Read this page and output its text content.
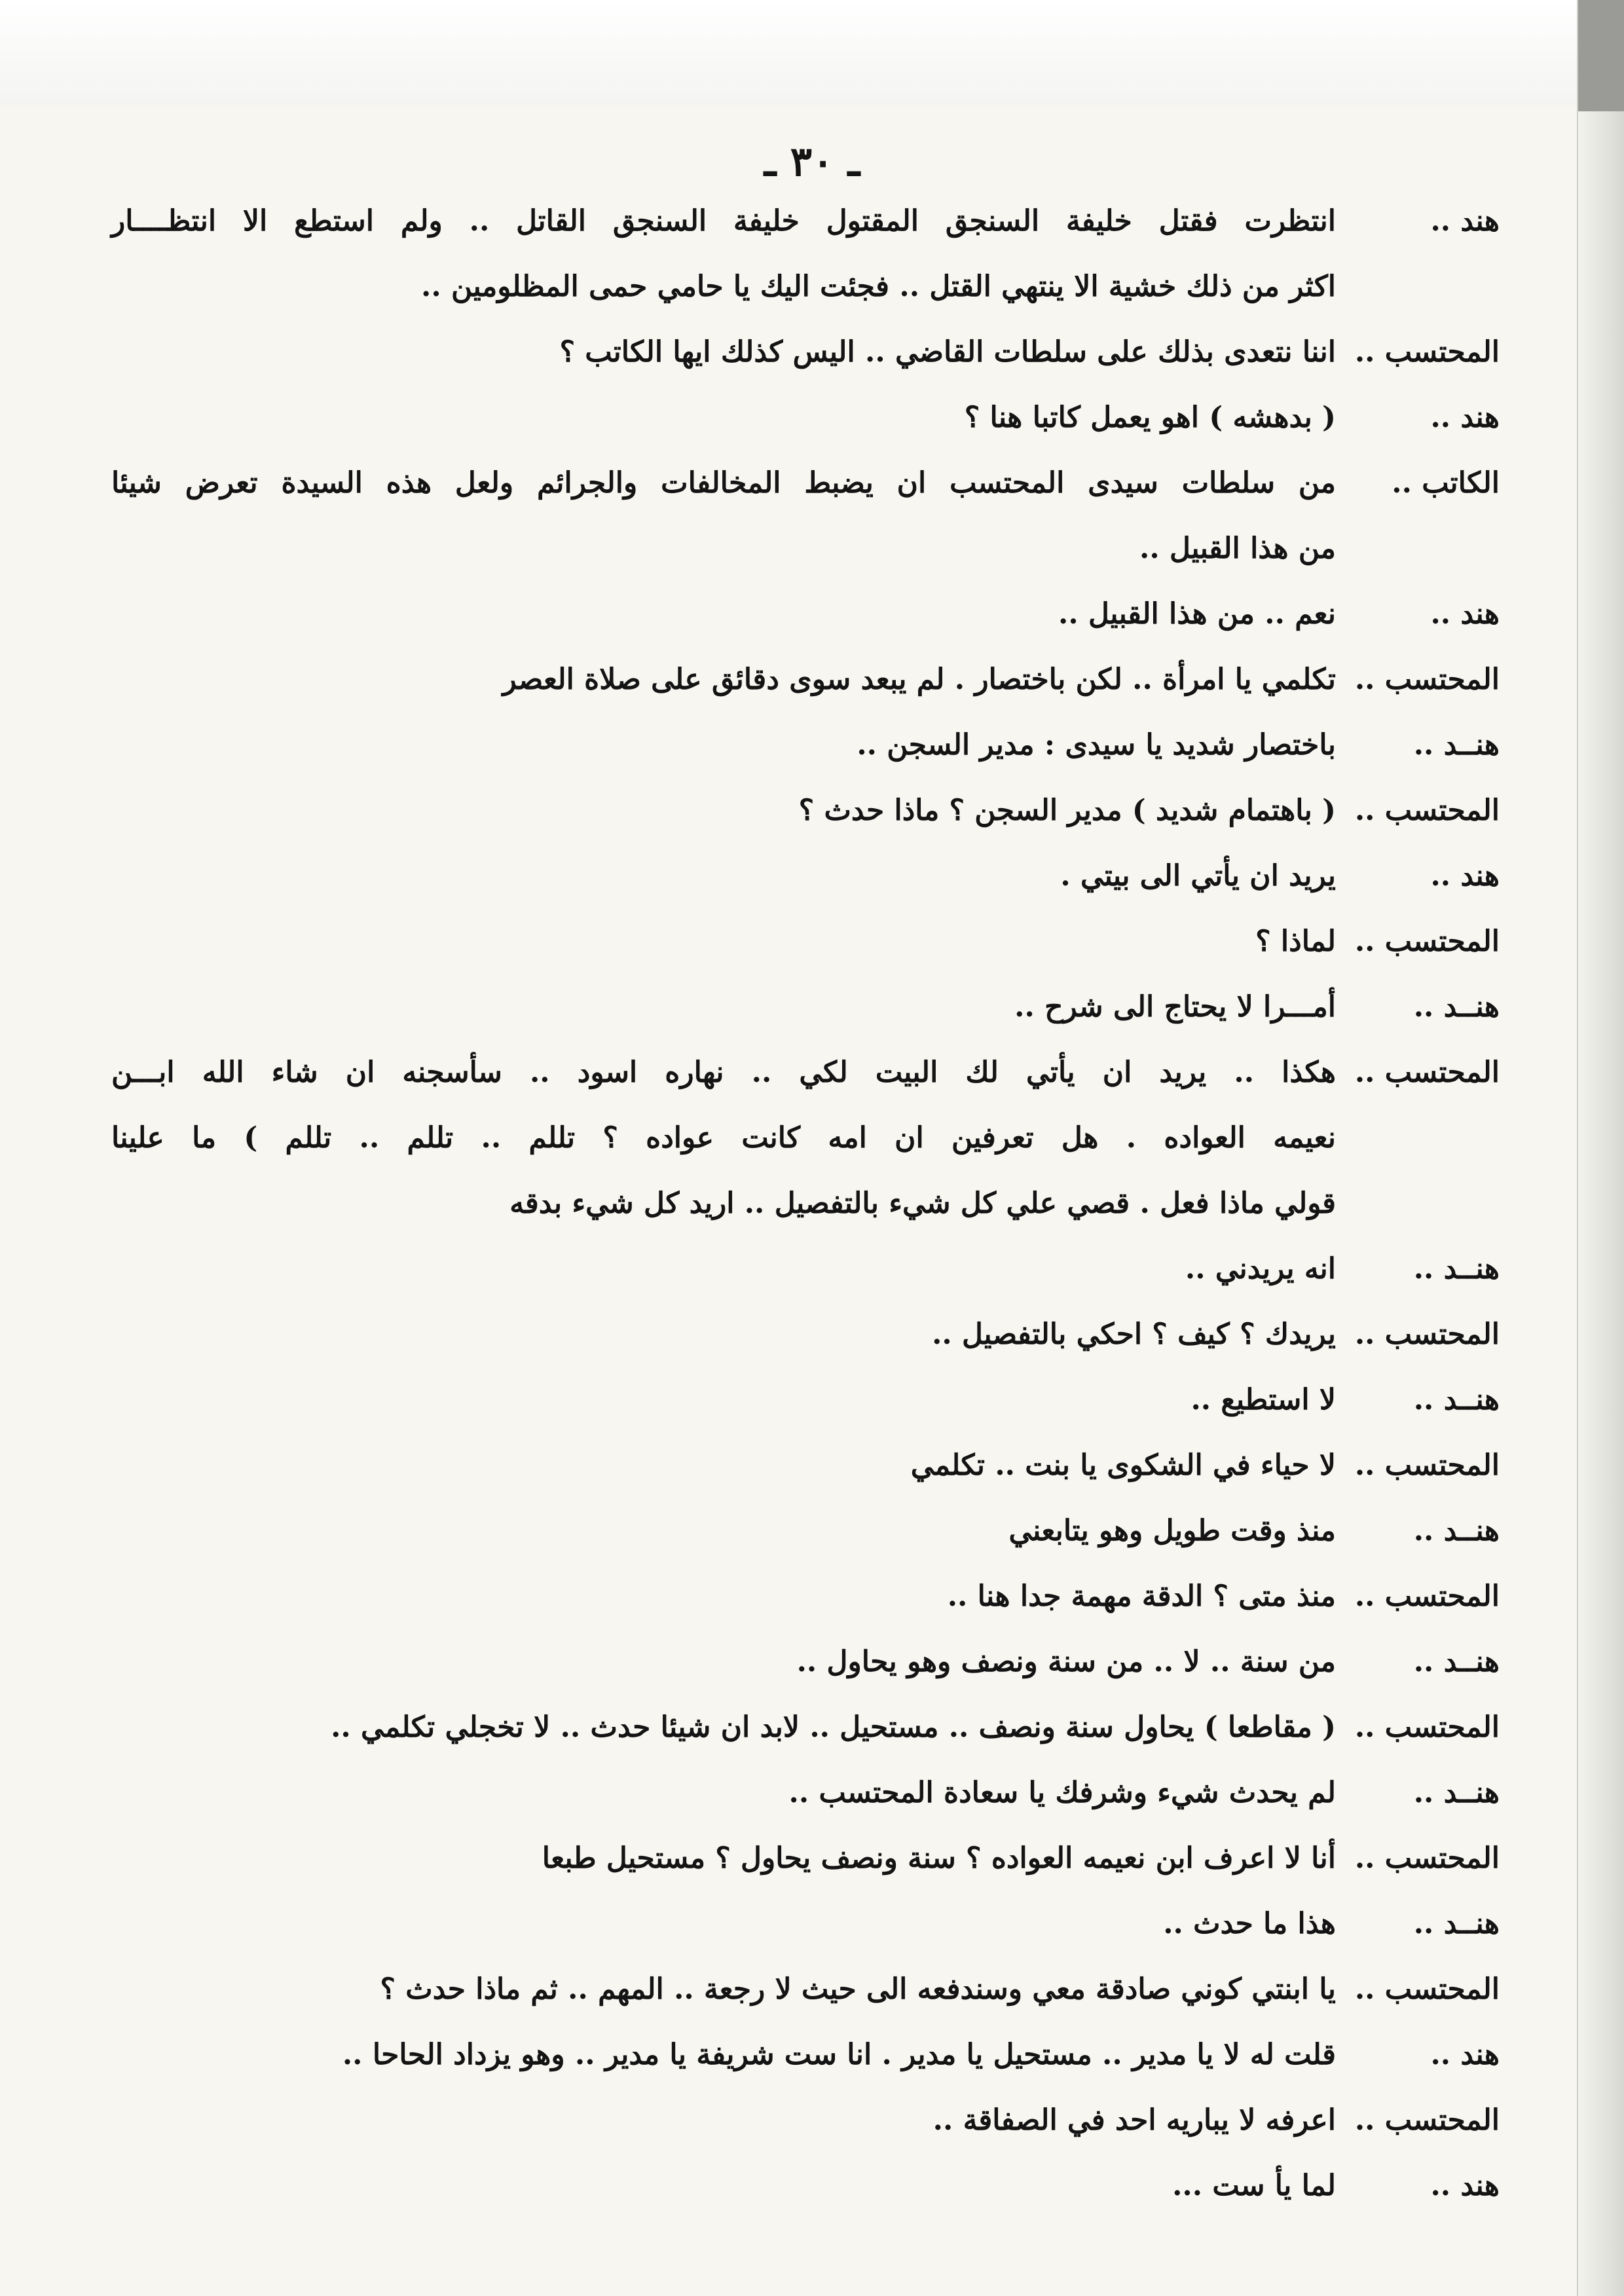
ـ ٣٠ ـ
هند ..
انتظرت فقتل خليفة السنجق المقتول خليفة السنجق القاتل .. ولم استطع الا انتظــــار
اكثر من ذلك خشية الا ينتهي القتل .. فجئت اليك يا حامي حمى المظلومين ..
المحتسب ..
اننا نتعدى بذلك على سلطات القاضي .. اليس كذلك ايها الكاتب ؟
هند ..
( بدهشه ) اهو يعمل كاتبا هنا ؟
الكاتب ..
من سلطات سيدى المحتسب ان يضبط المخالفات والجرائم ولعل هذه السيدة تعرض شيئا
من هذا القبيل ..
هند ..
نعم .. من هذا القبيل ..
المحتسب ..
تكلمي يا امرأة .. لكن باختصار . لم يبعد سوى دقائق على صلاة العصر
هنــد ..
باختصار شديد يا سيدى : مدير السجن ..
المحتسب ..
( باهتمام شديد ) مدير السجن ؟ ماذا حدث ؟
هند ..
يريد ان يأتي الى بيتي .
المحتسب ..
لماذا ؟
هنــد ..
أمـــرا لا يحتاج الى شرح ..
المحتسب ..
هكذا .. يريد ان يأتي لك البيت لكي .. نهاره اسود .. سأسجنه ان شاء الله ابـــن
نعيمه العواده . هل تعرفين ان امه كانت عواده ؟ تللم .. تللم .. تللم ) ما علينا
قولي ماذا فعل . قصي علي كل شيء بالتفصيل .. اريد كل شيء بدقه
هنــد ..
انه يريدني ..
المحتسب ..
يريدك ؟ كيف ؟ احكي بالتفصيل ..
هنــد ..
لا استطيع ..
المحتسب ..
لا حياء في الشكوى يا بنت .. تكلمي
هنــد ..
منذ وقت طويل وهو يتابعني
المحتسب ..
منذ متى ؟ الدقة مهمة جدا هنا ..
هنــد ..
من سنة .. لا .. من سنة ونصف وهو يحاول ..
المحتسب ..
( مقاطعا ) يحاول سنة ونصف .. مستحيل .. لابد ان شيئا حدث .. لا تخجلي تكلمي ..
هنــد ..
لم يحدث شيء وشرفك يا سعادة المحتسب ..
المحتسب ..
أنا لا اعرف ابن نعيمه العواده ؟ سنة ونصف يحاول ؟ مستحيل طبعا
هنــد ..
هذا ما حدث ..
المحتسب ..
يا ابنتي كوني صادقة معي وسندفعه الى حيث لا رجعة .. المهم .. ثم ماذا حدث ؟
هند ..
قلت له لا يا مدير .. مستحيل يا مدير . انا ست شريفة يا مدير .. وهو يزداد الحاحا ..
المحتسب ..
اعرفه لا يباريه احد في الصفاقة ..
هند ..
لما يأ ست ...
